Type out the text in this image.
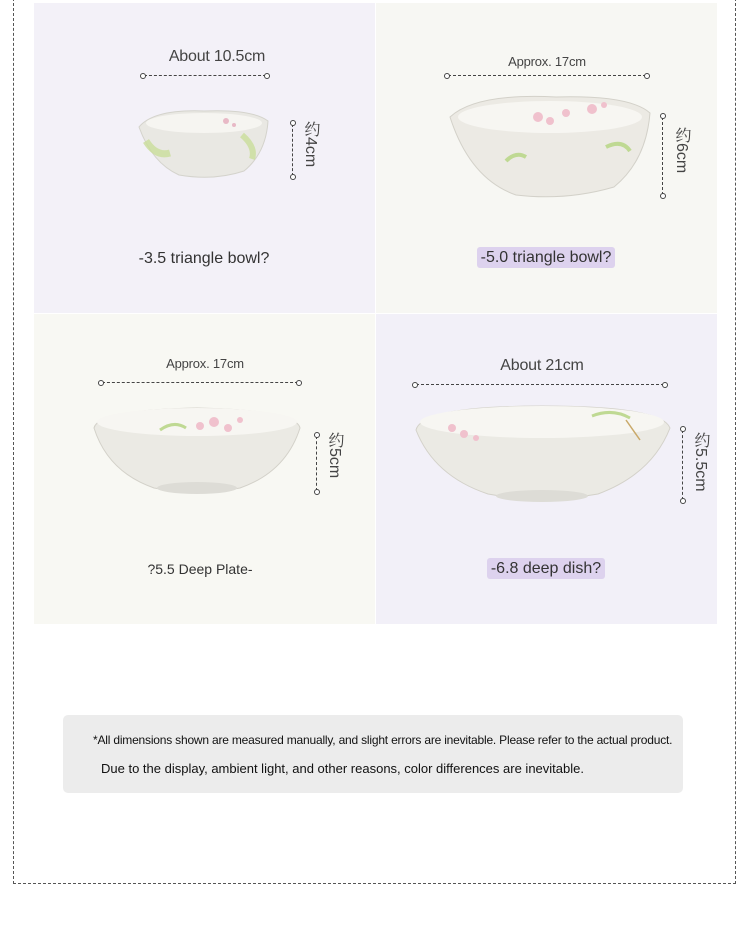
About 10.5cm
约4cm
-3.5 triangle bowl?
Approx. 17cm
约6cm
-5.0 triangle bowl?
Approx. 17cm
约5cm
?5.5 Deep Plate-
About 21cm
约5.5cm
-6.8 deep dish?
*All dimensions shown are measured manually, and slight errors are inevitable. Please refer to the actual product.
Due to the display, ambient light, and other reasons, color differences are inevitable.
